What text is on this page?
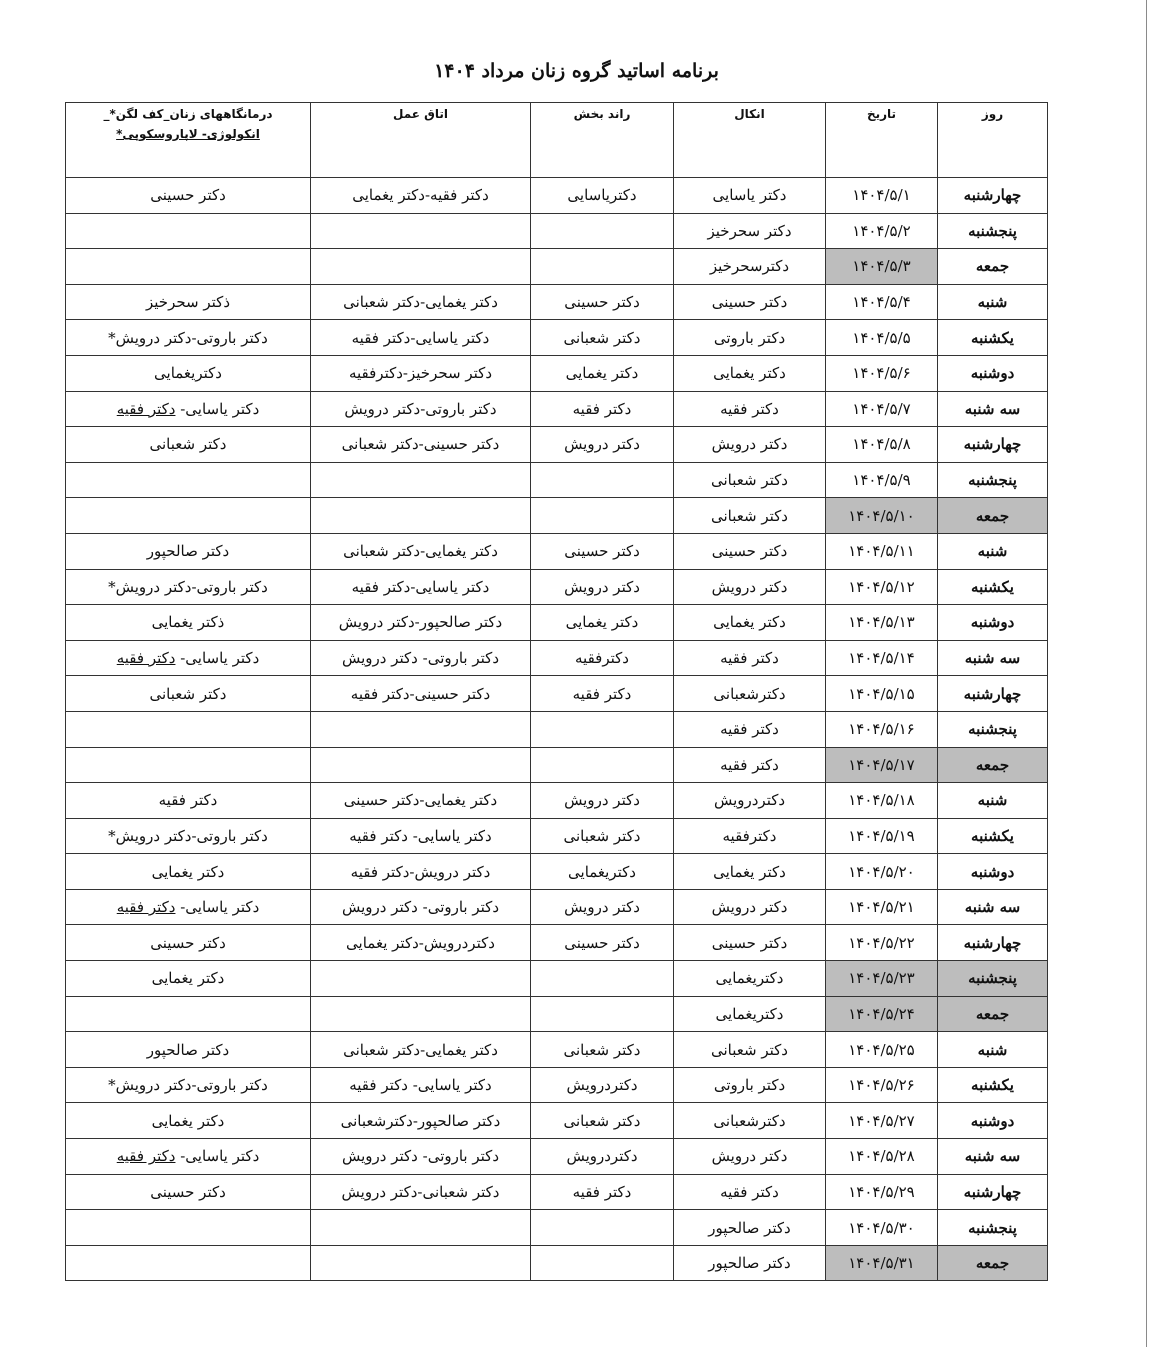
برنامه اساتید گروه زنان مرداد ۱۴۰۴
روز	تاریخ	انکال	راند بخش	اتاق عمل	درمانگاههای زنان_کف لگن*_
انکولوژی- لاپاروسکوپی*

چهارشنبه	۱۴۰۴/۵/۱	دکتر یاسایی	دکتریاسایی	دکتر فقیه-دکتر یغمایی	دکتر حسینی
پنجشنبه	۱۴۰۴/۵/۲	دکتر سحرخیز			
جمعه	۱۴۰۴/۵/۳	دکترسحرخیز			
شنبه	۱۴۰۴/۵/۴	دکتر حسینی	دکتر حسینی	دکتر یغمایی-دکتر شعبانی	ذکتر سحرخیز
یکشنبه	۱۴۰۴/۵/۵	دکتر باروتی	دکتر شعبانی	دکتر یاسایی-دکتر فقیه	دکتر باروتی-دکتر درویش*
دوشنبه	۱۴۰۴/۵/۶	دکتر یغمایی	دکتر یغمایی	دکتر سحرخیز-دکترفقیه	دکتریغمایی
سه شنبه	۱۴۰۴/۵/۷	دکتر فقیه	دکتر فقیه	دکتر باروتی-دکتر درویش	دکتر یاسایی- دکتر فقیه
چهارشنبه	۱۴۰۴/۵/۸	دکتر درویش	دکتر درویش	دکتر حسینی-دکتر شعبانی	دکتر شعبانی
پنجشنبه	۱۴۰۴/۵/۹	دکتر شعبانی			
جمعه	۱۴۰۴/۵/۱۰	دکتر شعبانی			
شنبه	۱۴۰۴/۵/۱۱	دکتر حسینی	دکتر حسینی	دکتر یغمایی-دکتر شعبانی	دکتر صالحپور
یکشنبه	۱۴۰۴/۵/۱۲	دکتر درویش	دکتر درویش	دکتر یاسایی-دکتر فقیه	دکتر باروتی-دکتر درویش*
دوشنبه	۱۴۰۴/۵/۱۳	دکتر یغمایی	دکتر یغمایی	دکتر صالحپور-دکتر درویش	ذکتر یغمایی
سه شنبه	۱۴۰۴/۵/۱۴	دکتر فقیه	دکترفقیه	دکتر باروتی- دکتر درویش	دکتر یاسایی- دکتر فقیه
چهارشنبه	۱۴۰۴/۵/۱۵	دکترشعبانی	دکتر فقیه	دکتر حسینی-دکتر فقیه	دکتر شعبانی
پنجشنبه	۱۴۰۴/۵/۱۶	دکتر فقیه			
جمعه	۱۴۰۴/۵/۱۷	دکتر فقیه			
شنبه	۱۴۰۴/۵/۱۸	دکتردرویش	دکتر درویش	دکتر یغمایی-دکتر حسینی	دکتر فقیه
یکشنبه	۱۴۰۴/۵/۱۹	دکترفقیه	دکتر شعبانی	دکتر یاسایی- دکتر فقیه	دکتر باروتی-دکتر درویش*
دوشنبه	۱۴۰۴/۵/۲۰	دکتر یغمایی	دکتریغمایی	دکتر درویش-دکتر فقیه	دکتر یغمایی
سه شنبه	۱۴۰۴/۵/۲۱	دکتر درویش	دکتر درویش	دکتر باروتی- دکتر درویش	دکتر یاسایی- دکتر فقیه
چهارشنبه	۱۴۰۴/۵/۲۲	دکتر حسینی	دکتر حسینی	دکتردرویش-دکتر یغمایی	دکتر حسینی
پنجشنبه	۱۴۰۴/۵/۲۳	دکتریغمایی			دکتر یغمایی
جمعه	۱۴۰۴/۵/۲۴	دکتریغمایی			
شنبه	۱۴۰۴/۵/۲۵	دکتر شعبانی	دکتر شعبانی	دکتر یغمایی-دکتر شعبانی	دکتر صالحپور
یکشنبه	۱۴۰۴/۵/۲۶	دکتر باروتی	دکتردرویش	دکتر یاسایی- دکتر فقیه	دکتر باروتی-دکتر درویش*
دوشنبه	۱۴۰۴/۵/۲۷	دکترشعبانی	دکتر شعبانی	دکتر صالحپور-دکترشعبانی	دکتر یغمایی
سه شنبه	۱۴۰۴/۵/۲۸	دکتر درویش	دکتردرویش	دکتر باروتی- دکتر درویش	دکتر یاسایی- دکتر فقیه
چهارشنبه	۱۴۰۴/۵/۲۹	دکتر فقیه	دکتر فقیه	دکتر شعبانی-دکتر درویش	دکتر حسینی
پنجشنبه	۱۴۰۴/۵/۳۰	دکتر صالحپور			
جمعه	۱۴۰۴/۵/۳۱	دکتر صالحپور			
